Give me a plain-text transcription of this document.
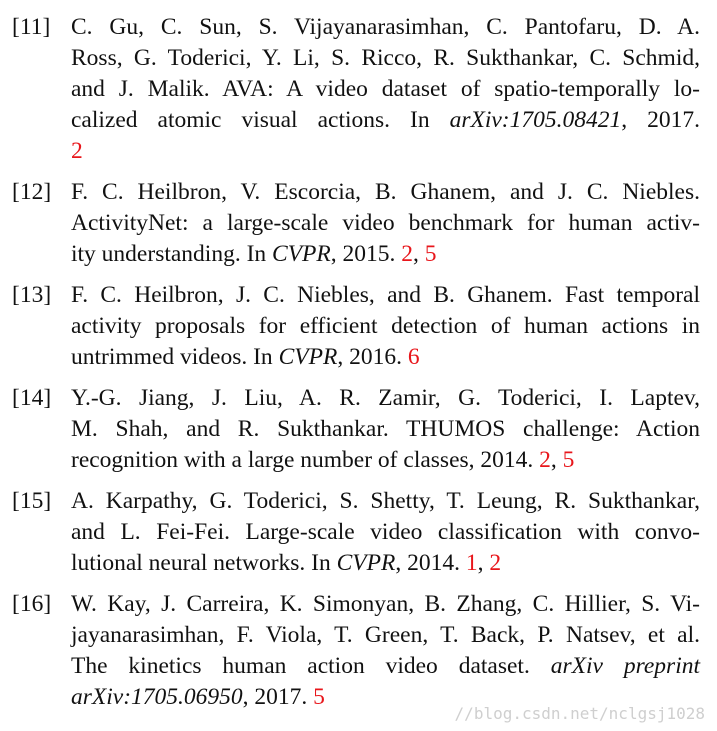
[11] C. Gu, C. Sun, S. Vijayanarasimhan, C. Pantofaru, D. A.
Ross, G. Toderici, Y. Li, S. Ricco, R. Sukthankar, C. Schmid,
and J. Malik. AVA: A video dataset of spatio-temporally lo-
calized atomic visual actions. In arXiv:1705.08421, 2017.
2
[12] F. C. Heilbron, V. Escorcia, B. Ghanem, and J. C. Niebles.
ActivityNet: a large-scale video benchmark for human activ-
ity understanding. In CVPR, 2015. 2, 5
[13] F. C. Heilbron, J. C. Niebles, and B. Ghanem. Fast temporal
activity proposals for efficient detection of human actions in
untrimmed videos. In CVPR, 2016. 6
[14] Y.-G. Jiang, J. Liu, A. R. Zamir, G. Toderici, I. Laptev,
M. Shah, and R. Sukthankar. THUMOS challenge: Action
recognition with a large number of classes, 2014. 2, 5
[15] A. Karpathy, G. Toderici, S. Shetty, T. Leung, R. Sukthankar,
and L. Fei-Fei. Large-scale video classification with convo-
lutional neural networks. In CVPR, 2014. 1, 2
[16] W. Kay, J. Carreira, K. Simonyan, B. Zhang, C. Hillier, S. Vi-
jayanarasimhan, F. Viola, T. Green, T. Back, P. Natsev, et al.
The kinetics human action video dataset. arXiv preprint
arXiv:1705.06950, 2017. 5
//blog.csdn.net/nclgsj1028
